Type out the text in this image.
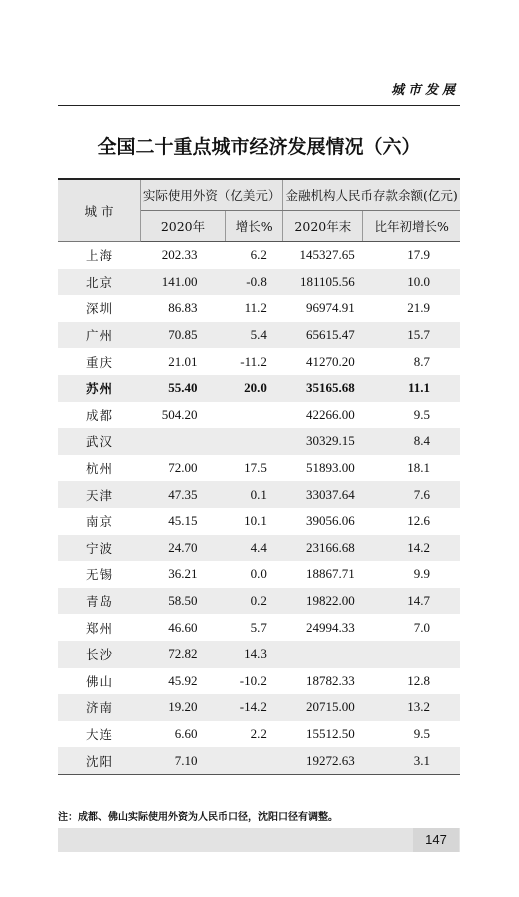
城市发展
全国二十重点城市经济发展情况（六）
城 市	实际使用外资（亿美元）		金融机构人民币存款余额(亿元)	
	2020年	增长%	2020年末	比年初增长%
上海	202.33	6.2	145327.65	17.9
北京	141.00	-0.8	181105.56	10.0
深圳	86.83	11.2	96974.91	21.9
广州	70.85	5.4	65615.47	15.7
重庆	21.01	-11.2	41270.20	8.7
苏州	55.40	20.0	35165.68	11.1
成都	504.20		42266.00	9.5
武汉			30329.15	8.4
杭州	72.00	17.5	51893.00	18.1
天津	47.35	0.1	33037.64	7.6
南京	45.15	10.1	39056.06	12.6
宁波	24.70	4.4	23166.68	14.2
无锡	36.21	0.0	18867.71	9.9
青岛	58.50	0.2	19822.00	14.7
郑州	46.60	5.7	24994.33	7.0
长沙	72.82	14.3		
佛山	45.92	-10.2	18782.33	12.8
济南	19.20	-14.2	20715.00	13.2
大连	6.60	2.2	15512.50	9.5
沈阳	7.10		19272.63	3.1
注：成都、佛山实际使用外资为人民币口径，沈阳口径有调整。
147
